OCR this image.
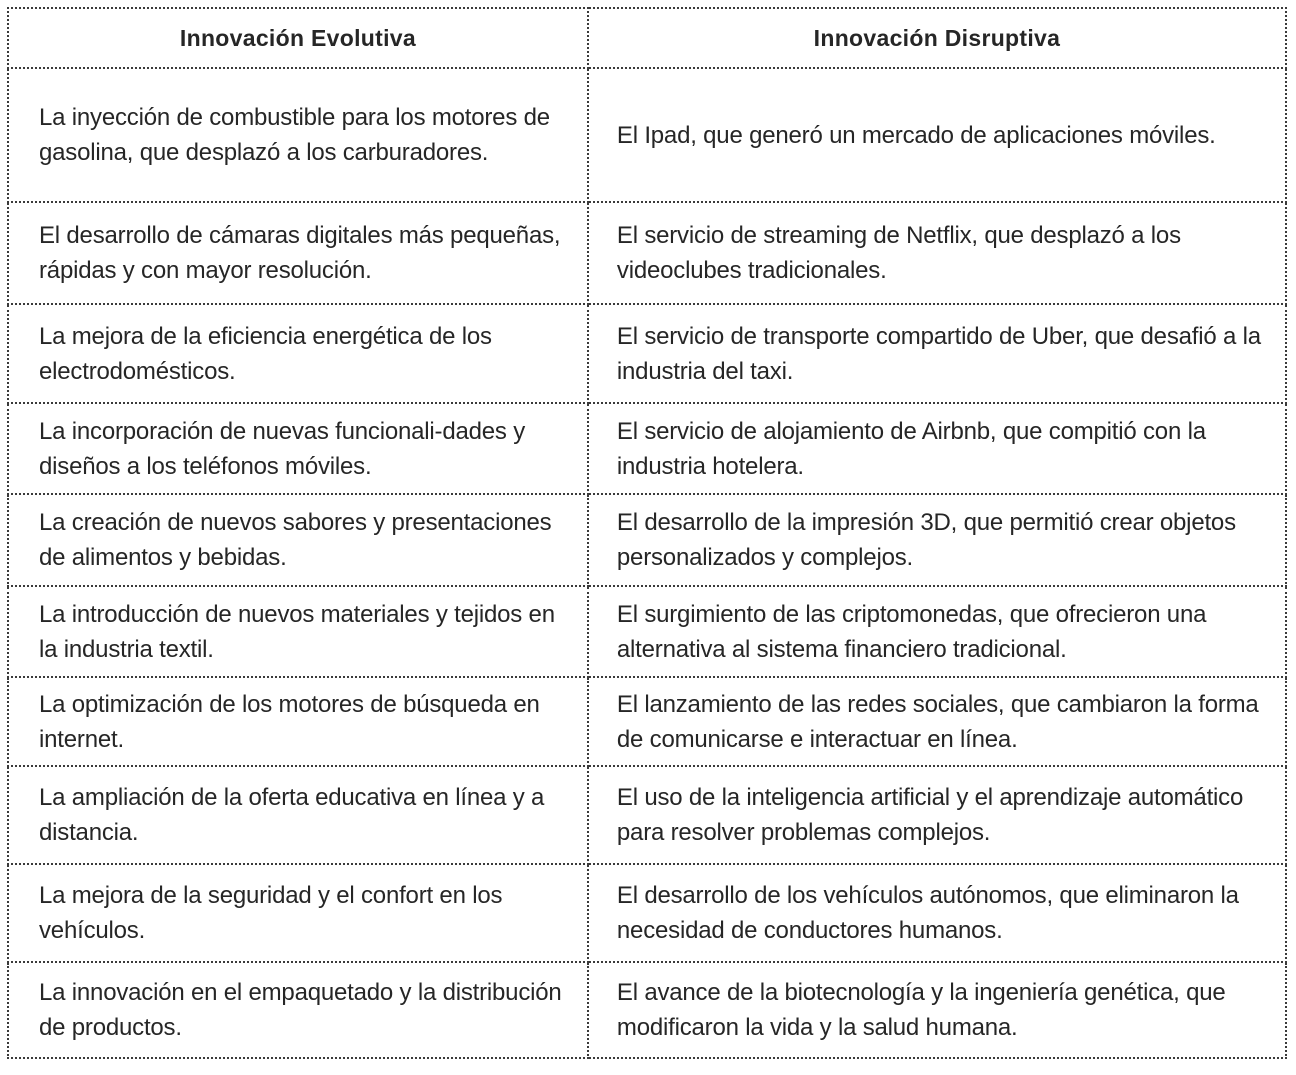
Innovación Evolutiva	Innovación Disruptiva
La inyección de combustible para los motores de gasolina, que desplazó a los carburadores.	El Ipad, que generó un mercado de aplicaciones móviles.
El desarrollo de cámaras digitales más pequeñas, rápidas y con mayor resolución.	El servicio de streaming de Netflix, que desplazó a los videoclubes tradicionales.
La mejora de la eficiencia energética de los electrodomésticos.	El servicio de transporte compartido de Uber, que desafió a la industria del taxi.
La incorporación de nuevas funcionali-dades y diseños a los teléfonos móviles.	El servicio de alojamiento de Airbnb, que compitió con la industria hotelera.
La creación de nuevos sabores y presentaciones de alimentos y bebidas.	El desarrollo de la impresión 3D, que permitió crear objetos personalizados y complejos.
La introducción de nuevos materiales y tejidos en la industria textil.	El surgimiento de las criptomonedas, que ofrecieron una alternativa al sistema financiero tradicional.
La optimización de los motores de búsqueda en internet.	El lanzamiento de las redes sociales, que cambiaron la forma de comunicarse e interactuar en línea.
La ampliación de la oferta educativa en línea y a distancia.	El uso de la inteligencia artificial y el aprendizaje automático para resolver problemas complejos.
La mejora de la seguridad y el confort en los vehículos.	El desarrollo de los vehículos autónomos, que eliminaron la necesidad de conductores humanos.
La innovación en el empaquetado y la distribución de productos.	El avance de la biotecnología y la ingeniería genética, que modificaron la vida y la salud humana.
